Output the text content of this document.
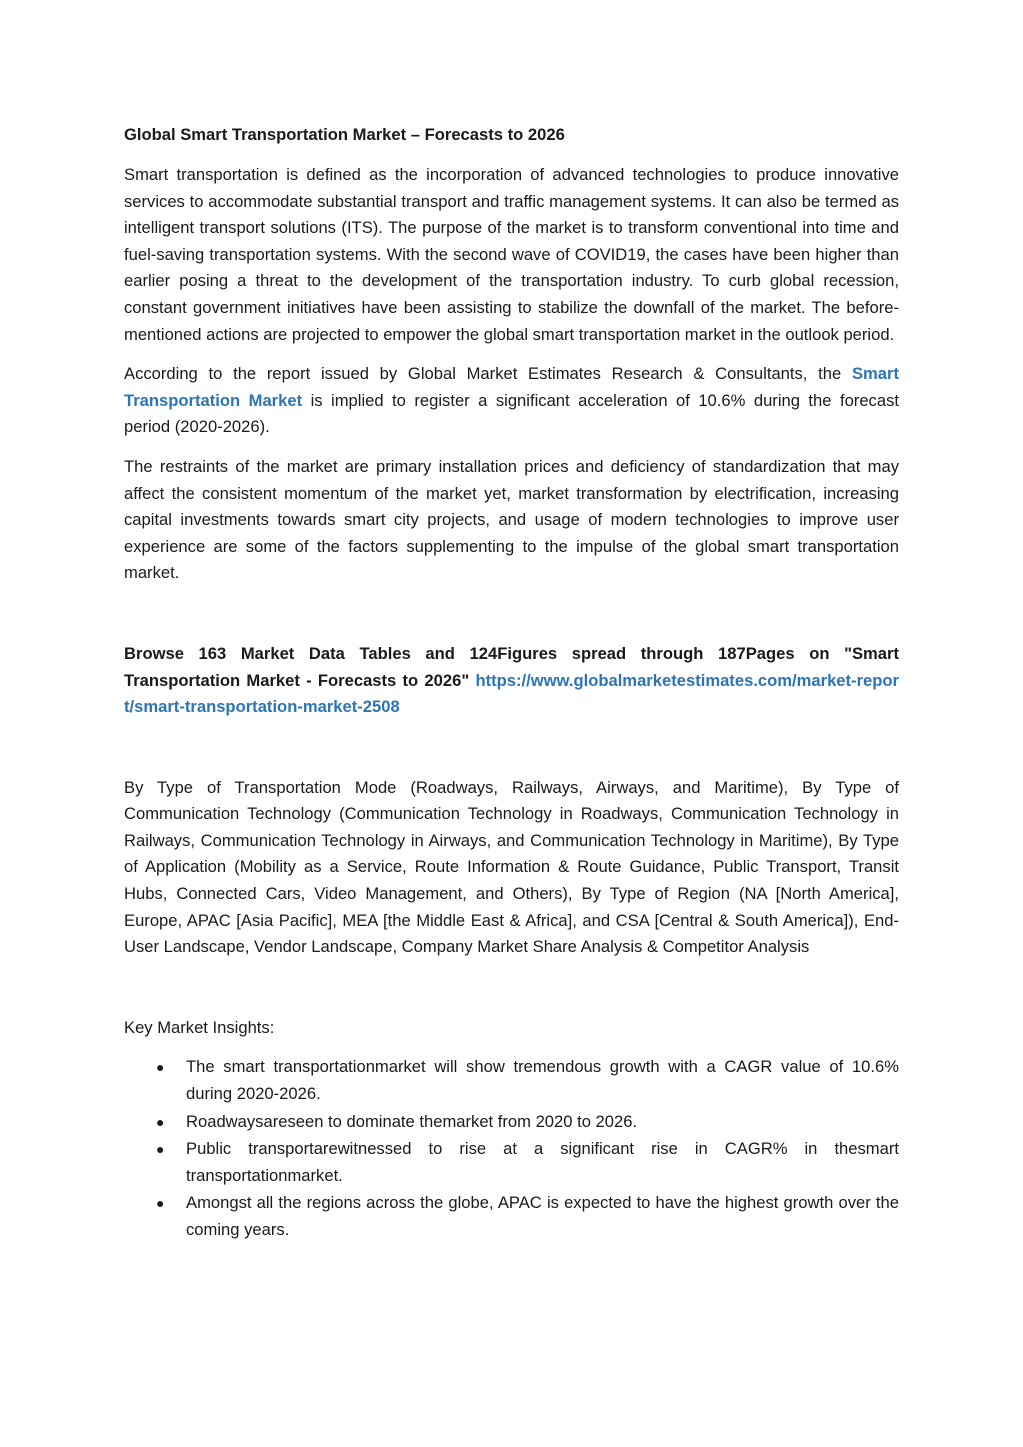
Global Smart Transportation Market – Forecasts to 2026

Smart transportation is defined as the incorporation of advanced technologies to produce innovative services to accommodate substantial transport and traffic management systems. It can also be termed as intelligent transport solutions (ITS). The purpose of the market is to transform conventional into time and fuel-saving transportation systems. With the second wave of COVID19, the cases have been higher than earlier posing a threat to the development of the transportation industry. To curb global recession, constant government initiatives have been assisting to stabilize the downfall of the market. The before-mentioned actions are projected to empower the global smart transportation market in the outlook period.

According to the report issued by Global Market Estimates Research & Consultants, the Smart Transportation Market is implied to register a significant acceleration of 10.6% during the forecast period (2020-2026).

The restraints of the market are primary installation prices and deficiency of standardization that may affect the consistent momentum of the market yet, market transformation by electrification, increasing capital investments towards smart city projects, and usage of modern technologies to improve user experience are some of the factors supplementing to the impulse of the global smart transportation market.

Browse 163 Market Data Tables and 124Figures spread through 187Pages on "Smart Transportation Market - Forecasts to 2026" https://www.globalmarketestimates.com/market-report/smart-transportation-market-2508

By Type of Transportation Mode (Roadways, Railways, Airways, and Maritime), By Type of Communication Technology (Communication Technology in Roadways, Communication Technology in Railways, Communication Technology in Airways, and Communication Technology in Maritime), By Type of Application (Mobility as a Service, Route Information & Route Guidance, Public Transport, Transit Hubs, Connected Cars, Video Management, and Others), By Type of Region (NA [North America], Europe, APAC [Asia Pacific], MEA [the Middle East & Africa], and CSA [Central & South America]), End-User Landscape, Vendor Landscape, Company Market Share Analysis & Competitor Analysis

Key Market Insights:
● The smart transportationmarket will show tremendous growth with a CAGR value of 10.6% during 2020-2026.
● Roadwaysareseen to dominate themarket from 2020 to 2026.
● Public transportarewitnessed to rise at a significant rise in CAGR% in thesmart transportationmarket.
● Amongst all the regions across the globe, APAC is expected to have the highest growth over the coming years.
